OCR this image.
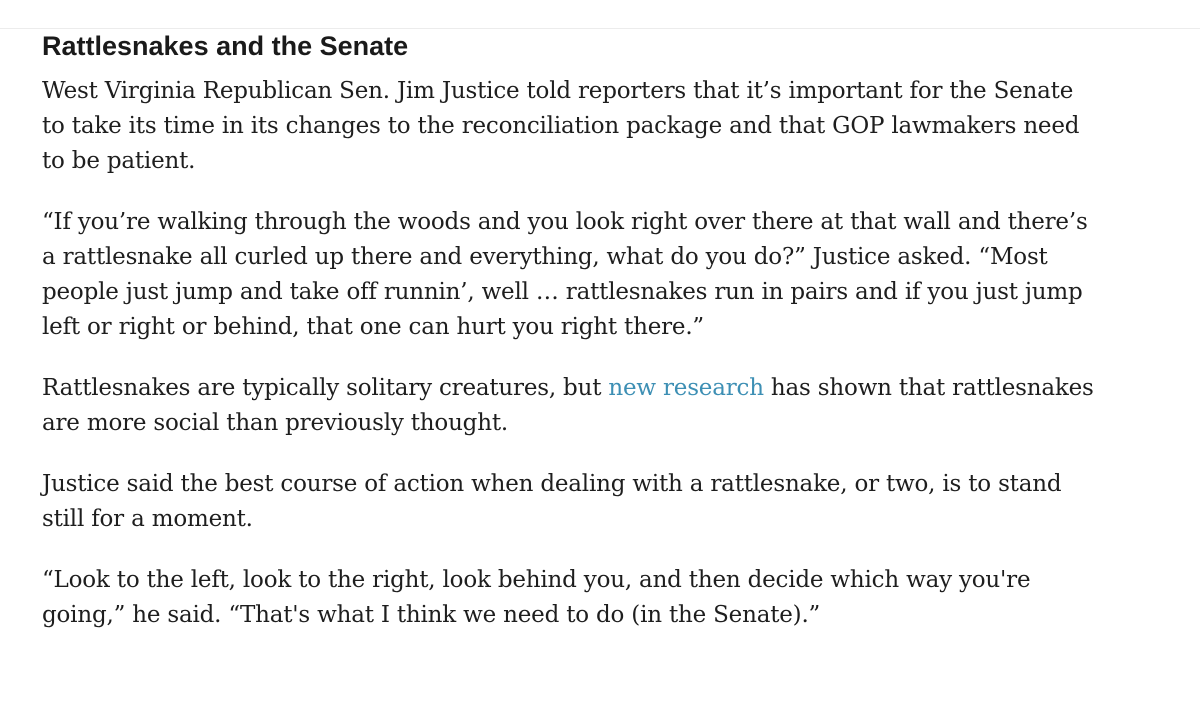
Rattlesnakes and the Senate

West Virginia Republican Sen. Jim Justice told reporters that it’s important for the Senate
to take its time in its changes to the reconciliation package and that GOP lawmakers need
to be patient.

“If you’re walking through the woods and you look right over there at that wall and there’s
a rattlesnake all curled up there and everything, what do you do?” Justice asked. “Most
people just jump and take off runnin’, well … rattlesnakes run in pairs and if you just jump
left or right or behind, that one can hurt you right there.”

Rattlesnakes are typically solitary creatures, but new research has shown that rattlesnakes
are more social than previously thought.

Justice said the best course of action when dealing with a rattlesnake, or two, is to stand
still for a moment.

“Look to the left, look to the right, look behind you, and then decide which way you're
going,” he said. “That's what I think we need to do (in the Senate).”
